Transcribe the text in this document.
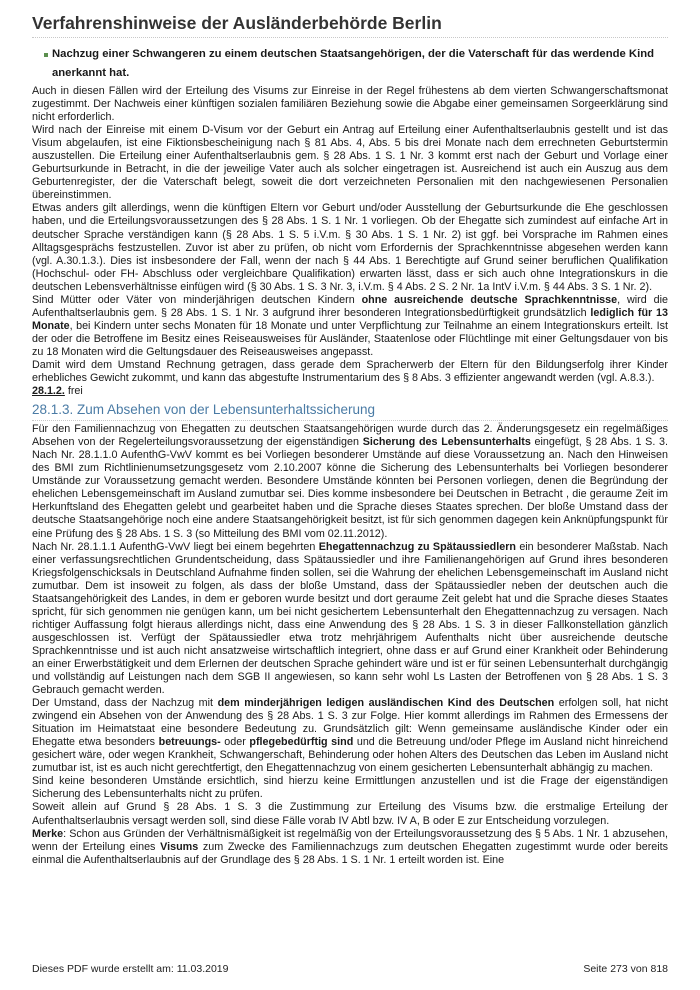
Verfahrenshinweise der Ausländerbehörde Berlin
Nachzug einer Schwangeren zu einem deutschen Staatsangehörigen, der die Vaterschaft für das werdende Kind anerkannt hat.

Auch in diesen Fällen wird der Erteilung des Visums zur Einreise in der Regel frühestens ab dem vierten Schwangerschaftsmonat zugestimmt. Der Nachweis einer künftigen sozialen familiären Beziehung sowie die Abgabe einer gemeinsamen Sorgeerklärung sind nicht erforderlich.

Wird nach der Einreise mit einem D-Visum vor der Geburt ein Antrag auf Erteilung einer Aufenthaltserlaubnis gestellt und ist das Visum abgelaufen, ist eine Fiktionsbescheinigung nach § 81 Abs. 4, Abs. 5 bis drei Monate nach dem errechneten Geburtstermin auszustellen. Die Erteilung einer Aufenthaltserlaubnis gem. § 28 Abs. 1 S. 1 Nr. 3 kommt erst nach der Geburt und Vorlage einer Geburtsurkunde in Betracht, in die der jeweilige Vater auch als solcher eingetragen ist. Ausreichend ist auch ein Auszug aus dem Geburtenregister, der die Vaterschaft belegt, soweit die dort verzeichneten Personalien mit den nachgewiesenen Personalien übereinstimmen.

Etwas anders gilt allerdings, wenn die künftigen Eltern vor Geburt und/oder Ausstellung der Geburtsurkunde die Ehe geschlossen haben, und die Erteilungsvoraussetzungen des § 28 Abs. 1 S. 1 Nr. 1 vorliegen. Ob der Ehegatte sich zumindest auf einfache Art in deutscher Sprache verständigen kann (§ 28 Abs. 1 S. 5 i.V.m. § 30 Abs. 1 S. 1 Nr. 2) ist ggf. bei Vorsprache im Rahmen eines Alltagsgesprächs festzustellen. Zuvor ist aber zu prüfen, ob nicht vom Erfordernis der Sprachkenntnisse abgesehen werden kann (vgl. A.30.1.3.). Dies ist insbesondere der Fall, wenn der nach § 44 Abs. 1 Berechtigte auf Grund seiner beruflichen Qualifikation (Hochschul- oder FH- Abschluss oder vergleichbare Qualifikation) erwarten lässt, dass er sich auch ohne Integrationskurs in die deutschen Lebensverhältnisse einfügen wird (§ 30 Abs. 1 S. 3 Nr. 3, i.V.m. § 4 Abs. 2 S. 2 Nr. 1a IntV i.V.m. § 44 Abs. 3 S. 1 Nr. 2).

Sind Mütter oder Väter von minderjährigen deutschen Kindern ohne ausreichende deutsche Sprachkenntnisse, wird die Aufenthaltserlaubnis gem. § 28 Abs. 1 S. 1 Nr. 3 aufgrund ihrer besonderen Integrationsbedürftigkeit grundsätzlich lediglich für 13 Monate, bei Kindern unter sechs Monaten für 18 Monate und unter Verpflichtung zur Teilnahme an einem Integrationskurs erteilt. Ist der oder die Betroffene im Besitz eines Reiseausweises für Ausländer, Staatenlose oder Flüchtlinge mit einer Geltungsdauer von bis zu 18 Monaten wird die Geltungsdauer des Reiseausweises angepasst.

Damit wird dem Umstand Rechnung getragen, dass gerade dem Spracherwerb der Eltern für den Bildungserfolg ihrer Kinder erhebliches Gewicht zukommt, und kann das abgestufte Instrumentarium des § 8 Abs. 3 effizienter angewandt werden (vgl. A.8.3.).

28.1.2. frei

28.1.3. Zum Absehen von der Lebensunterhaltssicherung

Für den Familiennachzug von Ehegatten zu deutschen Staatsangehörigen wurde durch das 2. Änderungsgesetz ein regelmäßiges Absehen von der Regelerteilungsvoraussetzung der eigenständigen Sicherung des Lebensunterhalts eingefügt, § 28 Abs. 1 S. 3. Nach Nr. 28.1.1.0 AufenthG-VwV kommt es bei Vorliegen besonderer Umstände auf diese Voraussetzung an. Nach den Hinweisen des BMI zum Richtlinienumsetzungsgesetz vom 2.10.2007 könne die Sicherung des Lebensunterhalts bei Vorliegen besonderer Umstände zur Voraussetzung gemacht werden. Besondere Umstände könnten bei Personen vorliegen, denen die Begründung der ehelichen Lebensgemeinschaft im Ausland zumutbar sei. Dies komme insbesondere bei Deutschen in Betracht , die geraume Zeit im Herkunftsland des Ehegatten gelebt und gearbeitet haben und die Sprache dieses Staates sprechen. Der bloße Umstand dass der deutsche Staatsangehörige noch eine andere Staatsangehörigkeit besitzt, ist für sich genommen dagegen kein Anknüpfungspunkt für eine Prüfung des § 28 Abs. 1 S. 3 (so Mitteilung des BMI vom 02.11.2012).

Nach Nr. 28.1.1.1 AufenthG-VwV liegt bei einem begehrten Ehegattennachzug zu Spätaussiedlern ein besonderer Maßstab. Nach einer verfassungsrechtlichen Grundentscheidung, dass Spätaussiedler und ihre Familienangehörigen auf Grund ihres besonderen Kriegsfolgenschicksals in Deutschland Aufnahme finden sollen, sei die Wahrung der ehelichen Lebensgemeinschaft im Ausland nicht zumutbar. Dem ist insoweit zu folgen, als dass der bloße Umstand, dass der Spätaussiedler neben der deutschen auch die Staatsangehörigkeit des Landes, in dem er geboren wurde besitzt und dort geraume Zeit gelebt hat und die Sprache dieses Staates spricht, für sich genommen nie genügen kann, um bei nicht gesichertem Lebensunterhalt den Ehegattennachzug zu versagen. Nach richtiger Auffassung folgt hieraus allerdings nicht, dass eine Anwendung des § 28 Abs. 1 S. 3 in dieser Fallkonstellation gänzlich ausgeschlossen ist. Verfügt der Spätaussiedler etwa trotz mehrjährigem Aufenthalts nicht über ausreichende deutsche Sprachkenntnisse und ist auch nicht ansatzweise wirtschaftlich integriert, ohne dass er auf Grund einer Krankheit oder Behinderung an einer Erwerbstätigkeit und dem Erlernen der deutschen Sprache gehindert wäre und ist er für seinen Lebensunterhalt durchgängig und vollständig auf Leistungen nach dem SGB II angewiesen, so kann sehr wohl Ls Lasten der Betroffenen von § 28 Abs. 1 S. 3 Gebrauch gemacht werden.

Der Umstand, dass der Nachzug mit dem minderjährigen ledigen ausländischen Kind des Deutschen erfolgen soll, hat nicht zwingend ein Absehen von der Anwendung des § 28 Abs. 1 S. 3 zur Folge. Hier kommt allerdings im Rahmen des Ermessens der Situation im Heimatstaat eine besondere Bedeutung zu. Grundsätzlich gilt: Wenn gemeinsame ausländische Kinder oder ein Ehegatte etwa besonders betreuungs- oder pflegebedürftig sind und die Betreuung und/oder Pflege im Ausland nicht hinreichend gesichert wäre, oder wegen Krankheit, Schwangerschaft, Behinderung oder hohen Alters des Deutschen das Leben im Ausland nicht zumutbar ist, ist es auch nicht gerechtfertigt, den Ehegattennachzug von einem gesicherten Lebensunterhalt abhängig zu machen.

Sind keine besonderen Umstände ersichtlich, sind hierzu keine Ermittlungen anzustellen und ist die Frage der eigenständigen Sicherung des Lebensunterhalts nicht zu prüfen.

Soweit allein auf Grund § 28 Abs. 1 S. 3 die Zustimmung zur Erteilung des Visums bzw. die erstmalige Erteilung der Aufenthaltserlaubnis versagt werden soll, sind diese Fälle vorab IV Abtl bzw. IV A, B oder E zur Entscheidung vorzulegen.

Merke: Schon aus Gründen der Verhältnismäßigkeit ist regelmäßig von der Erteilungsvoraussetzung des § 5 Abs. 1 Nr. 1 abzusehen, wenn der Erteilung eines Visums zum Zwecke des Familiennachzugs zum deutschen Ehegatten zugestimmt wurde oder bereits einmal die Aufenthaltserlaubnis auf der Grundlage des § 28 Abs. 1 S. 1 Nr. 1 erteilt worden ist. Eine

Dieses PDF wurde erstellt am: 11.03.2019	Seite 273 von 818
